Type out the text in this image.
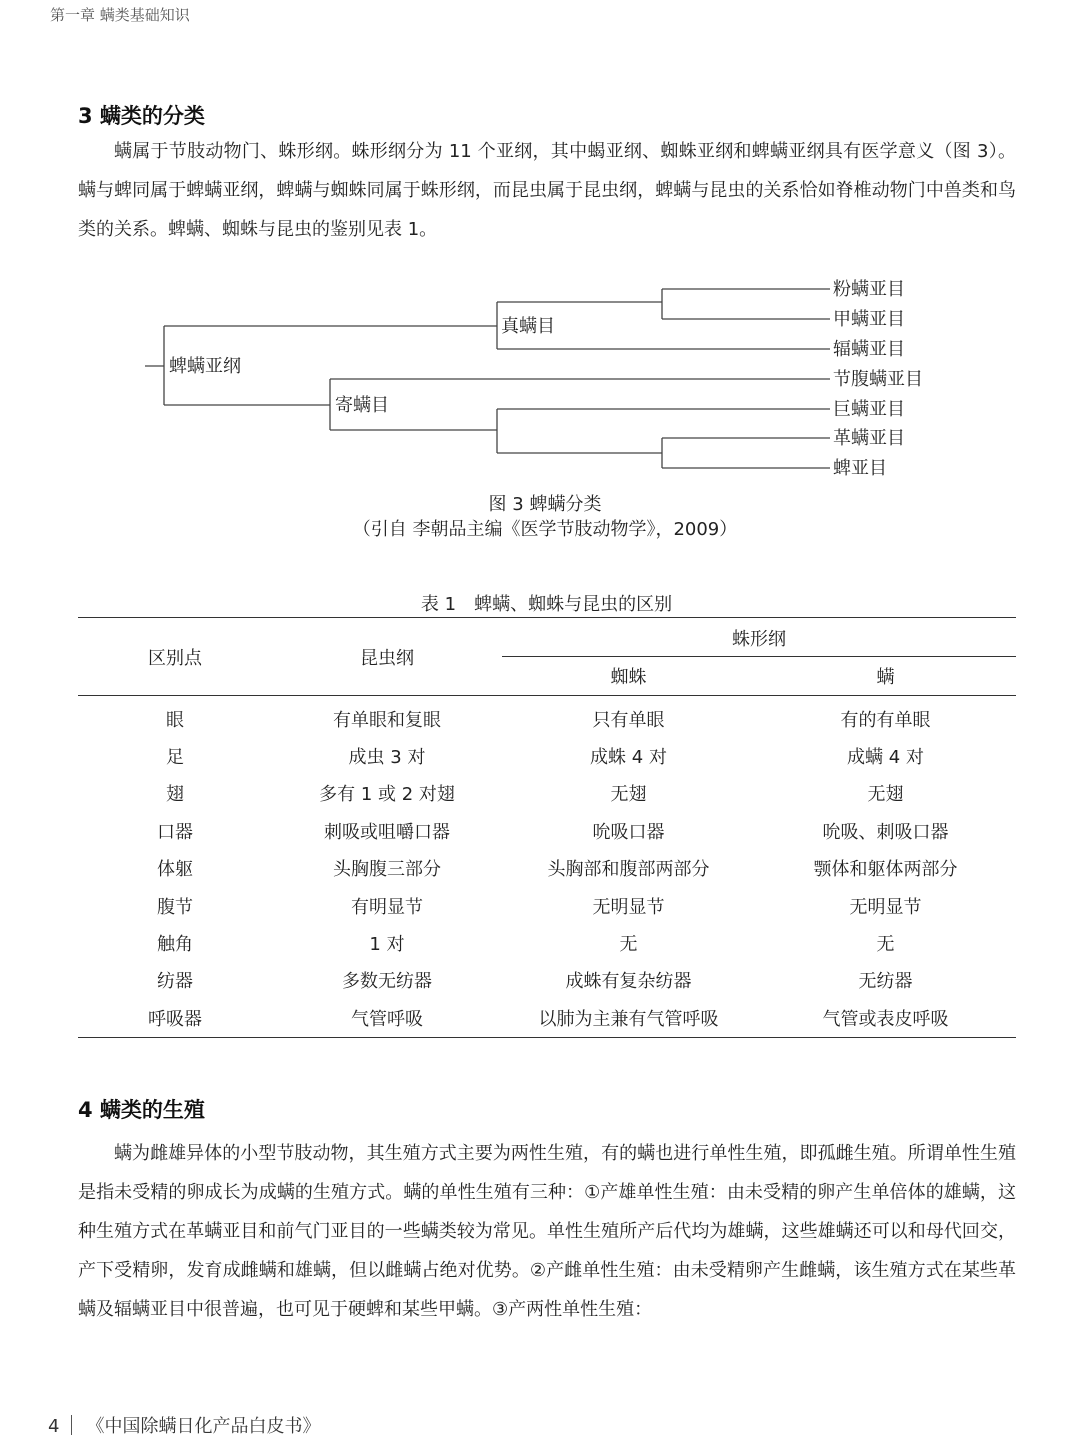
第一章 螨类基础知识
3 螨类的分类

螨属于节肢动物门、蛛形纲。蛛形纲分为 11 个亚纲，其中蝎亚纲、蜘蛛亚纲和蜱螨亚纲具有医学意义（图 3）。螨与蜱同属于蜱螨亚纲，蜱螨与蜘蛛同属于蛛形纲，而昆虫属于昆虫纲，蜱螨与昆虫的关系恰如脊椎动物门中兽类和鸟类的关系。蜱螨、蜘蛛与昆虫的鉴别见表 1。

蜱螨亚纲
真螨目
寄螨目
粉螨亚目
甲螨亚目
辐螨亚目
节腹螨亚目
巨螨亚目
革螨亚目
蜱亚目
图 3 蜱螨分类
（引自 李朝品主编《医学节肢动物学》，2009）
表 1　蜱螨、蜘蛛与昆虫的区别
区别点	昆虫纲	蛛形纲	
		蜘蛛	螨
眼	有单眼和复眼	只有单眼	有的有单眼
足	成虫 3 对	成蛛 4 对	成螨 4 对
翅	多有 1 或 2 对翅	无翅	无翅
口器	刺吸或咀嚼口器	吮吸口器	吮吸、刺吸口器
体躯	头胸腹三部分	头胸部和腹部两部分	颚体和躯体两部分
腹节	有明显节	无明显节	无明显节
触角	1 对	无	无
纺器	多数无纺器	成蛛有复杂纺器	无纺器
呼吸器	气管呼吸	以肺为主兼有气管呼吸	气管或表皮呼吸
4 螨类的生殖

螨为雌雄异体的小型节肢动物，其生殖方式主要为两性生殖，有的螨也进行单性生殖，即孤雌生殖。所谓单性生殖是指未受精的卵成长为成螨的生殖方式。螨的单性生殖有三种：①产雄单性生殖：由未受精的卵产生单倍体的雄螨，这种生殖方式在革螨亚目和前气门亚目的一些螨类较为常见。单性生殖所产后代均为雄螨，这些雄螨还可以和母代回交，产下受精卵，发育成雌螨和雄螨，但以雌螨占绝对优势。②产雌单性生殖：由未受精卵产生雌螨，该生殖方式在某些革螨及辐螨亚目中很普遍，也可见于硬蜱和某些甲螨。③产两性单性生殖：

4 《中国除螨日化产品白皮书》
